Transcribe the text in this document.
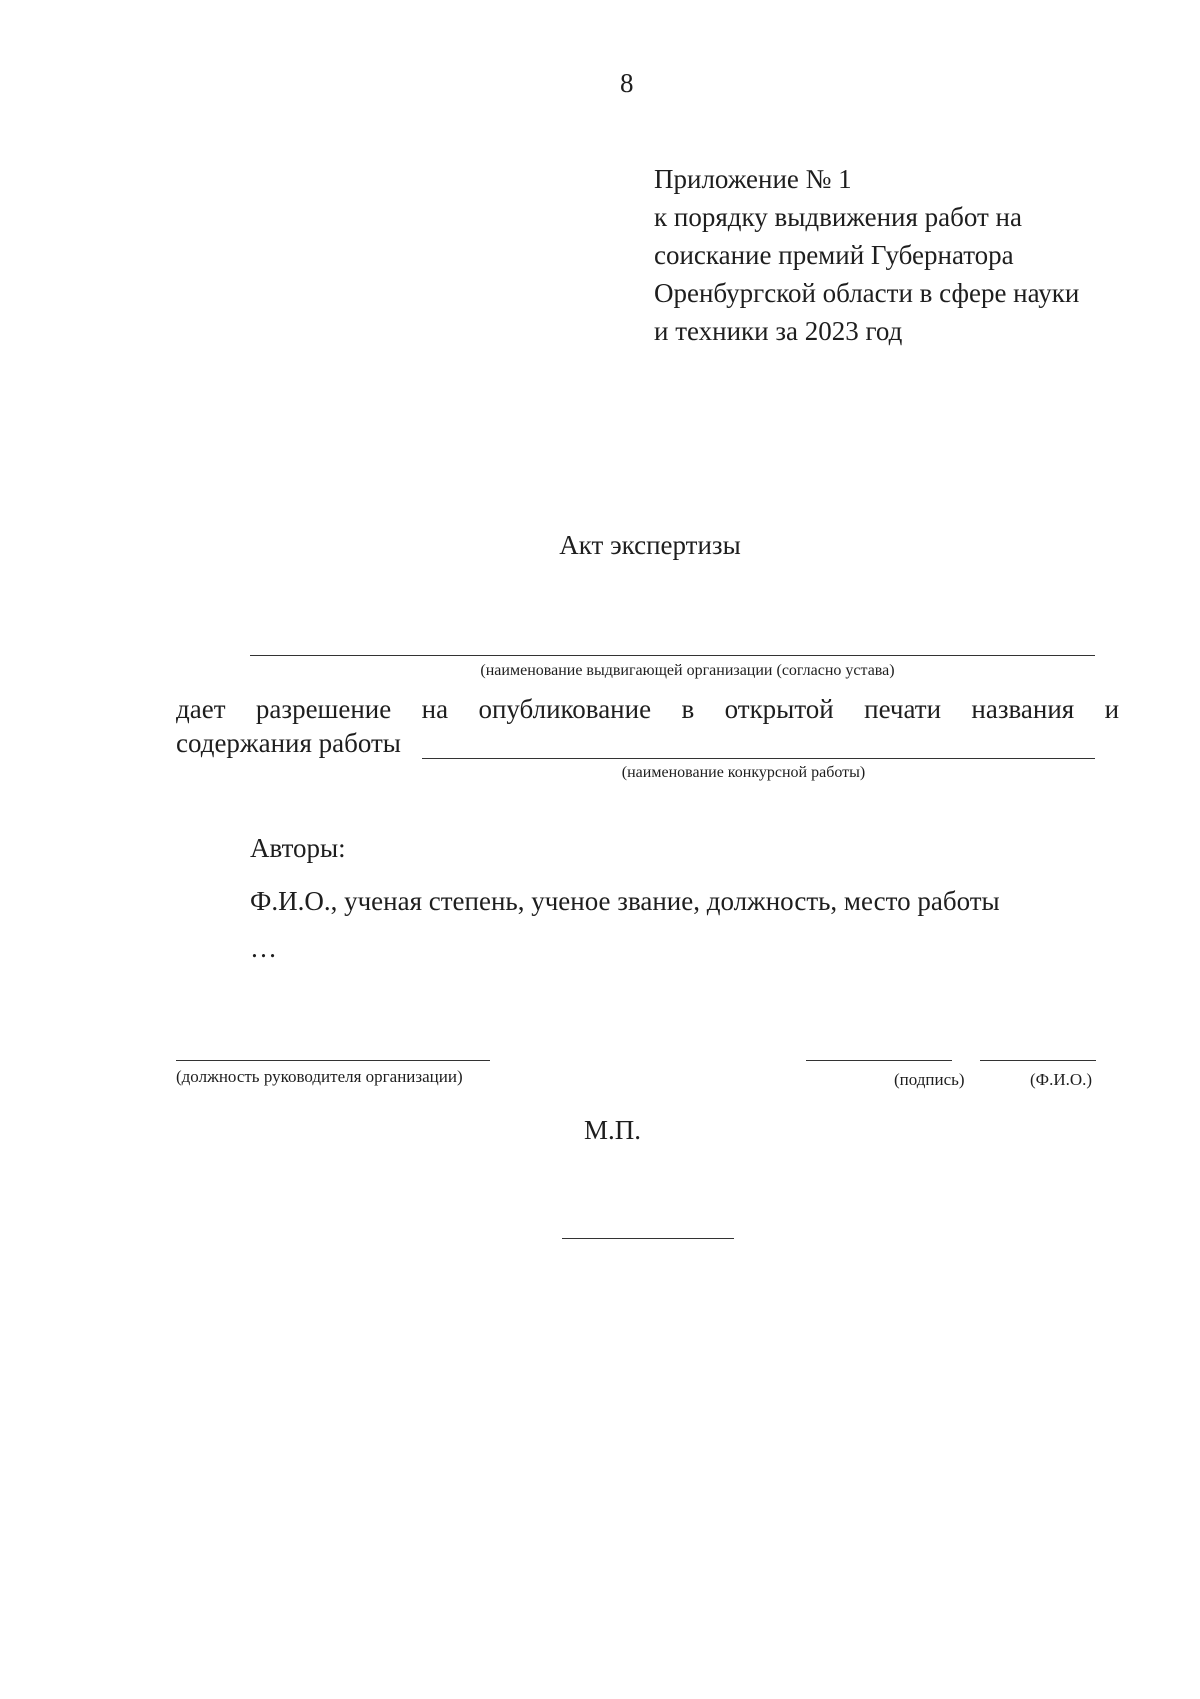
8
Приложение № 1
к порядку выдвижения работ на
соискание премий Губернатора
Оренбургской области в сфере науки
и техники за 2023 год
Акт экспертизы
(наименование выдвигающей организации (согласно устава)
дает разрешение на опубликование в открытой печати названия и
содержания работы
(наименование конкурсной работы)
Авторы:
Ф.И.О., ученая степень, ученое звание, должность, место работы
…
(должность руководителя организации)	(подпись)	(Ф.И.О.)
М.П.
